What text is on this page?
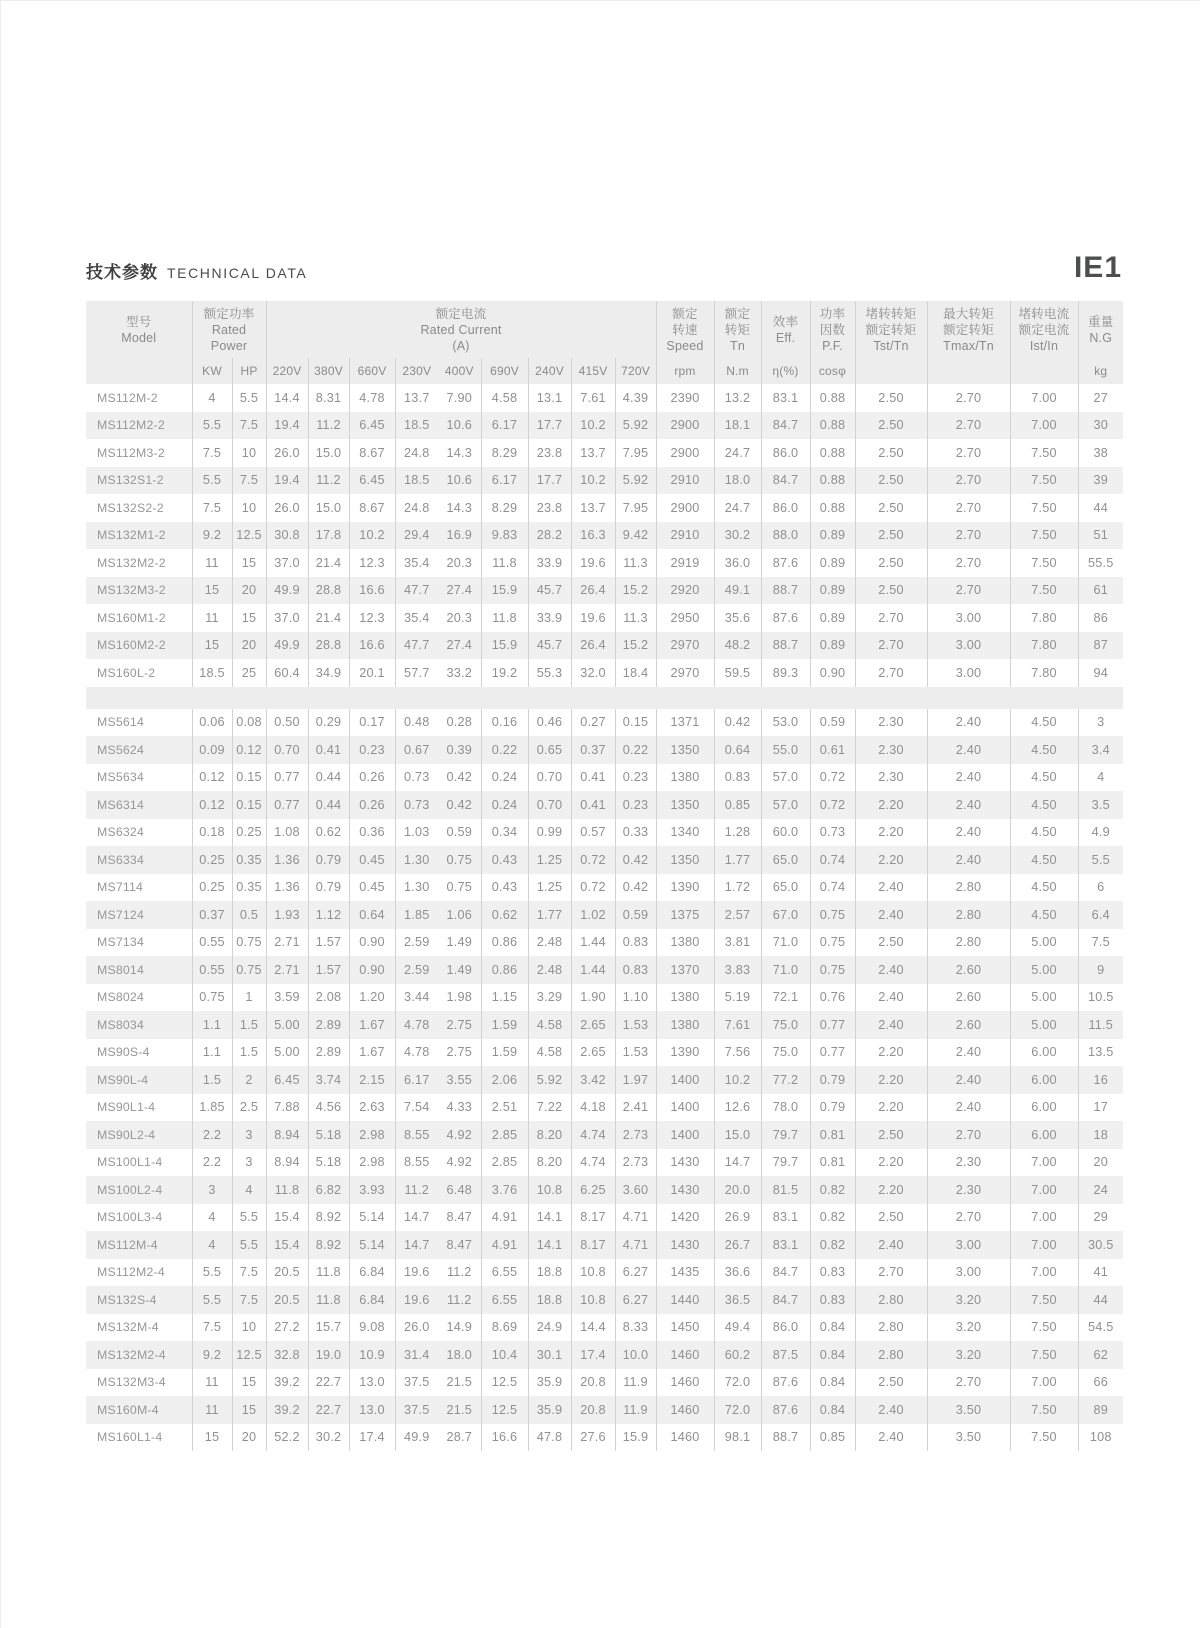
技术参数 TECHNICAL DATA	IE1
型号
Model	额定功率
Rated
Power		额定电流
Rated Current
(A)									额定
转速
Speed	额定
转矩
Tn	效率
Eff.	功率
因数
P.F.	堵转转矩
额定转矩
Tst/Tn	最大转矩
额定转矩
Tmax/Tn	堵转电流
额定电流
Ist/In	重量
N.G

	KW	HP	220V	380V	660V	230V	400V	690V	240V	415V	720V	rpm	N.m	η(%)	cosφ				kg
MS112M-2	4	5.5	14.4	8.31	4.78	13.7	7.90	4.58	13.1	7.61	4.39	2390	13.2	83.1	0.88	2.50	2.70	7.00	27
MS112M2-2	5.5	7.5	19.4	11.2	6.45	18.5	10.6	6.17	17.7	10.2	5.92	2900	18.1	84.7	0.88	2.50	2.70	7.00	30
MS112M3-2	7.5	10	26.0	15.0	8.67	24.8	14.3	8.29	23.8	13.7	7.95	2900	24.7	86.0	0.88	2.50	2.70	7.50	38
MS132S1-2	5.5	7.5	19.4	11.2	6.45	18.5	10.6	6.17	17.7	10.2	5.92	2910	18.0	84.7	0.88	2.50	2.70	7.50	39
MS132S2-2	7.5	10	26.0	15.0	8.67	24.8	14.3	8.29	23.8	13.7	7.95	2900	24.7	86.0	0.88	2.50	2.70	7.50	44
MS132M1-2	9.2	12.5	30.8	17.8	10.2	29.4	16.9	9.83	28.2	16.3	9.42	2910	30.2	88.0	0.89	2.50	2.70	7.50	51
MS132M2-2	11	15	37.0	21.4	12.3	35.4	20.3	11.8	33.9	19.6	11.3	2919	36.0	87.6	0.89	2.50	2.70	7.50	55.5
MS132M3-2	15	20	49.9	28.8	16.6	47.7	27.4	15.9	45.7	26.4	15.2	2920	49.1	88.7	0.89	2.50	2.70	7.50	61
MS160M1-2	11	15	37.0	21.4	12.3	35.4	20.3	11.8	33.9	19.6	11.3	2950	35.6	87.6	0.89	2.70	3.00	7.80	86
MS160M2-2	15	20	49.9	28.8	16.6	47.7	27.4	15.9	45.7	26.4	15.2	2970	48.2	88.7	0.89	2.70	3.00	7.80	87
MS160L-2	18.5	25	60.4	34.9	20.1	57.7	33.2	19.2	55.3	32.0	18.4	2970	59.5	89.3	0.90	2.70	3.00	7.80	94

MS5614	0.06	0.08	0.50	0.29	0.17	0.48	0.28	0.16	0.46	0.27	0.15	1371	0.42	53.0	0.59	2.30	2.40	4.50	3
MS5624	0.09	0.12	0.70	0.41	0.23	0.67	0.39	0.22	0.65	0.37	0.22	1350	0.64	55.0	0.61	2.30	2.40	4.50	3.4
MS5634	0.12	0.15	0.77	0.44	0.26	0.73	0.42	0.24	0.70	0.41	0.23	1380	0.83	57.0	0.72	2.30	2.40	4.50	4
MS6314	0.12	0.15	0.77	0.44	0.26	0.73	0.42	0.24	0.70	0.41	0.23	1350	0.85	57.0	0.72	2.20	2.40	4.50	3.5
MS6324	0.18	0.25	1.08	0.62	0.36	1.03	0.59	0.34	0.99	0.57	0.33	1340	1.28	60.0	0.73	2.20	2.40	4.50	4.9
MS6334	0.25	0.35	1.36	0.79	0.45	1.30	0.75	0.43	1.25	0.72	0.42	1350	1.77	65.0	0.74	2.20	2.40	4.50	5.5
MS7114	0.25	0.35	1.36	0.79	0.45	1.30	0.75	0.43	1.25	0.72	0.42	1390	1.72	65.0	0.74	2.40	2.80	4.50	6
MS7124	0.37	0.5	1.93	1.12	0.64	1.85	1.06	0.62	1.77	1.02	0.59	1375	2.57	67.0	0.75	2.40	2.80	4.50	6.4
MS7134	0.55	0.75	2.71	1.57	0.90	2.59	1.49	0.86	2.48	1.44	0.83	1380	3.81	71.0	0.75	2.50	2.80	5.00	7.5
MS8014	0.55	0.75	2.71	1.57	0.90	2.59	1.49	0.86	2.48	1.44	0.83	1370	3.83	71.0	0.75	2.40	2.60	5.00	9
MS8024	0.75	1	3.59	2.08	1.20	3.44	1.98	1.15	3.29	1.90	1.10	1380	5.19	72.1	0.76	2.40	2.60	5.00	10.5
MS8034	1.1	1.5	5.00	2.89	1.67	4.78	2.75	1.59	4.58	2.65	1.53	1380	7.61	75.0	0.77	2.40	2.60	5.00	11.5
MS90S-4	1.1	1.5	5.00	2.89	1.67	4.78	2.75	1.59	4.58	2.65	1.53	1390	7.56	75.0	0.77	2.20	2.40	6.00	13.5
MS90L-4	1.5	2	6.45	3.74	2.15	6.17	3.55	2.06	5.92	3.42	1.97	1400	10.2	77.2	0.79	2.20	2.40	6.00	16
MS90L1-4	1.85	2.5	7.88	4.56	2.63	7.54	4.33	2.51	7.22	4.18	2.41	1400	12.6	78.0	0.79	2.20	2.40	6.00	17
MS90L2-4	2.2	3	8.94	5.18	2.98	8.55	4.92	2.85	8.20	4.74	2.73	1400	15.0	79.7	0.81	2.50	2.70	6.00	18
MS100L1-4	2.2	3	8.94	5.18	2.98	8.55	4.92	2.85	8.20	4.74	2.73	1430	14.7	79.7	0.81	2.20	2.30	7.00	20
MS100L2-4	3	4	11.8	6.82	3.93	11.2	6.48	3.76	10.8	6.25	3.60	1430	20.0	81.5	0.82	2.20	2.30	7.00	24
MS100L3-4	4	5.5	15.4	8.92	5.14	14.7	8.47	4.91	14.1	8.17	4.71	1420	26.9	83.1	0.82	2.50	2.70	7.00	29
MS112M-4	4	5.5	15.4	8.92	5.14	14.7	8.47	4.91	14.1	8.17	4.71	1430	26.7	83.1	0.82	2.40	3.00	7.00	30.5
MS112M2-4	5.5	7.5	20.5	11.8	6.84	19.6	11.2	6.55	18.8	10.8	6.27	1435	36.6	84.7	0.83	2.70	3.00	7.00	41
MS132S-4	5.5	7.5	20.5	11.8	6.84	19.6	11.2	6.55	18.8	10.8	6.27	1440	36.5	84.7	0.83	2.80	3.20	7.50	44
MS132M-4	7.5	10	27.2	15.7	9.08	26.0	14.9	8.69	24.9	14.4	8.33	1450	49.4	86.0	0.84	2.80	3.20	7.50	54.5
MS132M2-4	9.2	12.5	32.8	19.0	10.9	31.4	18.0	10.4	30.1	17.4	10.0	1460	60.2	87.5	0.84	2.80	3.20	7.50	62
MS132M3-4	11	15	39.2	22.7	13.0	37.5	21.5	12.5	35.9	20.8	11.9	1460	72.0	87.6	0.84	2.50	2.70	7.00	66
MS160M-4	11	15	39.2	22.7	13.0	37.5	21.5	12.5	35.9	20.8	11.9	1460	72.0	87.6	0.84	2.40	3.50	7.50	89
MS160L1-4	15	20	52.2	30.2	17.4	49.9	28.7	16.6	47.8	27.6	15.9	1460	98.1	88.7	0.85	2.40	3.50	7.50	108
